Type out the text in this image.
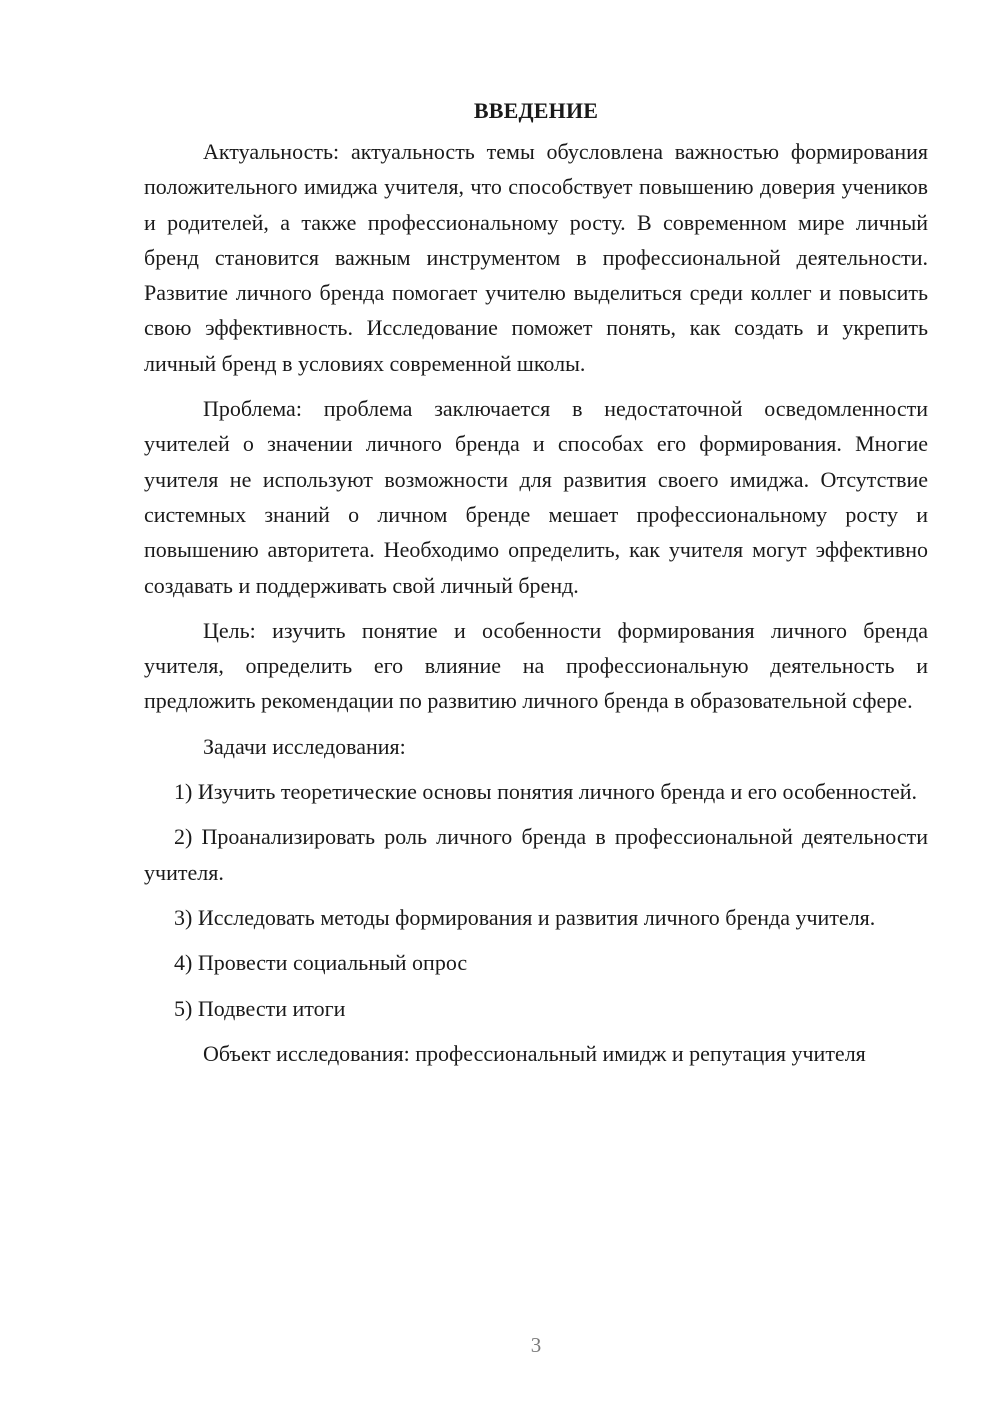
ВВЕДЕНИЕ

Актуальность: актуальность темы обусловлена важностью формирования положительного имиджа учителя, что способствует повышению доверия учеников и родителей, а также профессиональному росту. В современном мире личный бренд становится важным инструментом в профессиональной деятельности. Развитие личного бренда помогает учителю выделиться среди коллег и повысить свою эффективность. Исследование поможет понять, как создать и укрепить личный бренд в условиях современной школы.

Проблема: проблема заключается в недостаточной осведомленности учителей о значении личного бренда и способах его формирования. Многие учителя не используют возможности для развития своего имиджа. Отсутствие системных знаний о личном бренде мешает профессиональному росту и повышению авторитета. Необходимо определить, как учителя могут эффективно создавать и поддерживать свой личный бренд.

Цель: изучить понятие и особенности формирования личного бренда учителя, определить его влияние на профессиональную деятельность и предложить рекомендации по развитию личного бренда в образовательной сфере.

Задачи исследования:

1) Изучить теоретические основы понятия личного бренда и его особенностей.

2) Проанализировать роль личного бренда в профессиональной деятельности учителя.

3) Исследовать методы формирования и развития личного бренда учителя.

4) Провести социальный опрос

5) Подвести итоги

Объект исследования: профессиональный имидж и репутация учителя

3
